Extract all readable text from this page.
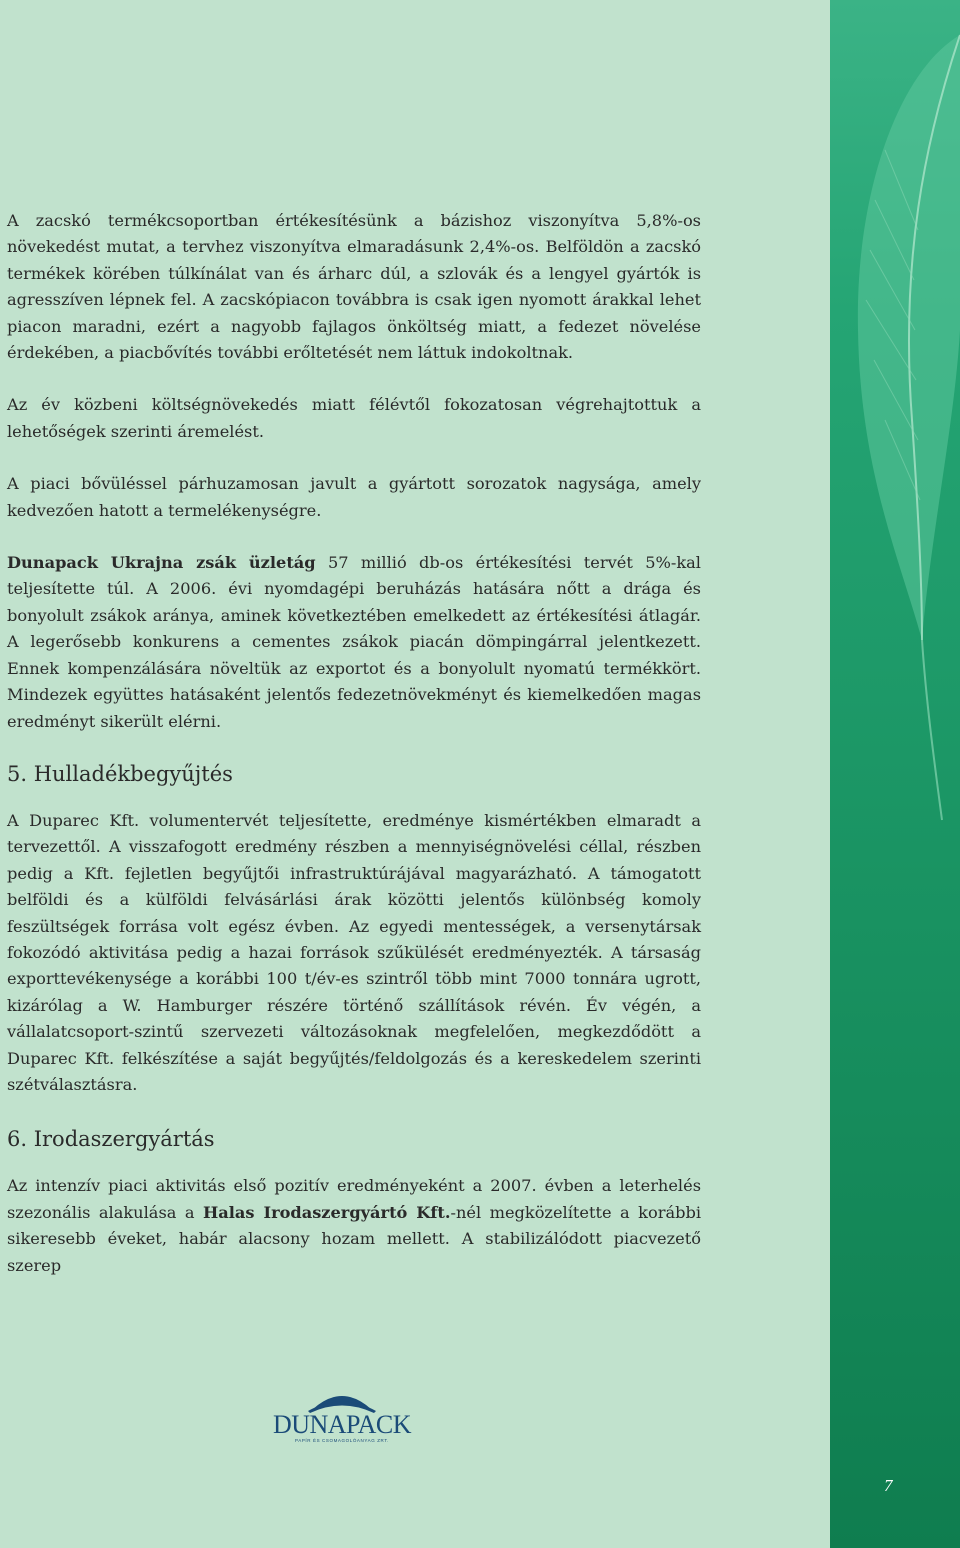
A zacskó termékcsoportban értékesítésünk a bázishoz viszonyítva 5,8%-os növekedést mutat, a tervhez viszonyítva elmaradásunk 2,4%-os. Belföldön a zacskó termékek körében túlkínálat van és árharc dúl, a szlovák és a lengyel gyártók is agresszíven lépnek fel. A zacskópiacon továbbra is csak igen nyomott árakkal lehet piacon maradni, ezért a nagyobb fajlagos önköltség miatt, a fedezet növelése érdekében, a piacbővítés további erőltetését nem láttuk indokoltnak.

Az év közbeni költségnövekedés miatt félévtől fokozatosan végrehajtottuk a lehetőségek szerinti áremelést.

A piaci bővüléssel párhuzamosan javult a gyártott sorozatok nagysága, amely kedvezően hatott a termelékenységre.

Dunapack Ukrajna zsák üzletág 57 millió db-os értékesítési tervét 5%-kal teljesítette túl. A 2006. évi nyomdagépi beruházás hatására nőtt a drága és bonyolult zsákok aránya, aminek következtében emelkedett az értékesítési átlagár. A legerősebb konkurens a cementes zsákok piacán dömpingárral jelentkezett. Ennek kompenzálására növeltük az exportot és a bonyolult nyomatú termékkört. Mindezek együttes hatásaként jelentős fedezetnövekményt és kiemelkedően magas eredményt sikerült elérni.

5. Hulladékbegyűjtés

A Duparec Kft. volumentervét teljesítette, eredménye kismértékben elmaradt a tervezettől. A visszafogott eredmény részben a mennyiségnövelési céllal, részben pedig a Kft. fejletlen begyűjtői infrastruktúrájával magyarázható. A támogatott belföldi és a külföldi felvásárlási árak közötti jelentős különbség komoly feszültségek forrása volt egész évben. Az egyedi mentességek, a versenytársak fokozódó aktivitása pedig a hazai források szűkülését eredményezték. A társaság exporttevékenysége a korábbi 100 t/év-es szintről több mint 7000 tonnára ugrott, kizárólag a W. Hamburger részére történő szállítások révén. Év végén, a vállalatcsoport-szintű szervezeti változásoknak megfelelően, megkezdődött a Duparec Kft. felkészítése a saját begyűjtés/feldolgozás és a kereskedelem szerinti szétválasztásra.

6. Irodaszergyártás

Az intenzív piaci aktivitás első pozitív eredményeként a 2007. évben a leterhelés szezonális alakulása a Halas Irodaszergyártó Kft.-nél megközelítette a korábbi sikeresebb éveket, habár alacsony hozam mellett. A stabilizálódott piacvezető szerep

DUNAPACK
PAPÍR ÉS CSOMAGOLÓANYAG ZRT.
7
